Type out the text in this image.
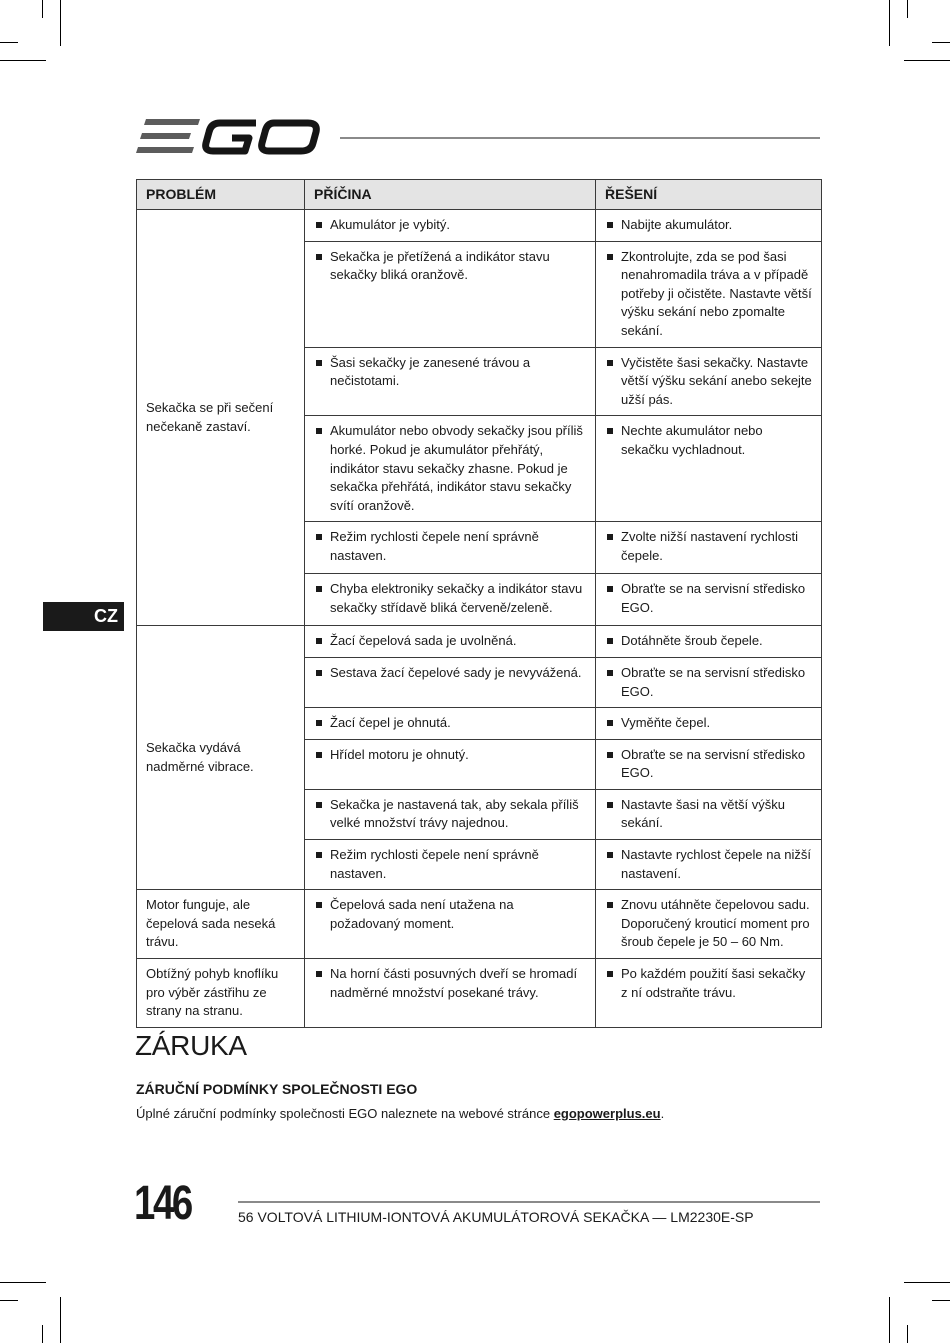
CZ
PROBLÉM	PŘÍČINA	ŘEŠENÍ
Sekačka se při sečení nečekaně zastaví.	Akumulátor je vybitý.	Nabijte akumulátor.

	Sekačka je přetížená a indikátor stavu sekačky bliká oranžově.	Zkontrolujte, zda se pod šasi nenahromadila tráva a v případě potřeby ji očistěte. Nastavte větší výšku sekání nebo zpomalte sekání.

	Šasi sekačky je zanesené trávou a nečistotami.	Vyčistěte šasi sekačky. Nastavte větší výšku sekání anebo sekejte užší pás.

	Akumulátor nebo obvody sekačky jsou příliš horké. Pokud je akumulátor přehřátý, indikátor stavu sekačky zhasne. Pokud je sekačka přehřátá, indikátor stavu sekačky svítí oranžově.	Nechte akumulátor nebo sekačku vychladnout.

	Režim rychlosti čepele není správně nastaven.	Zvolte nižší nastavení rychlosti čepele.

	Chyba elektroniky sekačky a indikátor stavu sekačky střídavě bliká červeně/zeleně.	Obraťte se na servisní středisko EGO.

Sekačka vydává nadměrné vibrace.	Žací čepelová sada je uvolněná.	Dotáhněte šroub čepele.

	Sestava žací čepelové sady je nevyvážená.	Obraťte se na servisní středisko EGO.

	Žací čepel je ohnutá.	Vyměňte čepel.

	Hřídel motoru je ohnutý.	Obraťte se na servisní středisko EGO.

	Sekačka je nastavená tak, aby sekala příliš velké množství trávy najednou.	Nastavte šasi na větší výšku sekání.

	Režim rychlosti čepele není správně nastaven.	Nastavte rychlost čepele na nižší nastavení.

Motor funguje, ale čepelová sada neseká trávu.	Čepelová sada není utažena na požadovaný moment.	Znovu utáhněte čepelovou sadu. Doporučený krouticí moment pro šroub čepele je 50 – 60 Nm.

Obtížný pohyb knoflíku pro výběr zástřihu ze strany na stranu.	Na horní části posuvných dveří se hromadí nadměrné množství posekané trávy.	Po každém použití šasi sekačky z ní odstraňte trávu.
ZÁRUKA
ZÁRUČNÍ PODMÍNKY SPOLEČNOSTI EGO

Úplné záruční podmínky společnosti EGO naleznete na webové stránce egopowerplus.eu.

146	56 VOLTOVÁ LITHIUM-IONTOVÁ AKUMULÁTOROVÁ SEKAČKA — LM2230E-SP
